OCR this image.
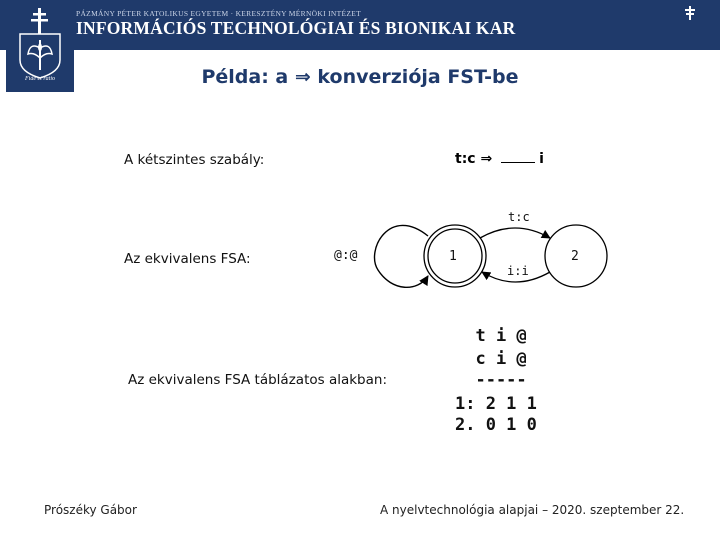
PÁZMÁNY PÉTER KATOLIKUS EGYETEM · KERESZTÉNY MÉRNÖKI INTÉZET
INFORMÁCIÓS TECHNOLÓGIAI ÉS BIONIKAI KAR
Fide et ratio	Példa: a ⇒ konverziója FST-be
A kétszintes szabály:	t:c ⇒	i
Az ekvivalens FSA:	@:@	1	2
t:c
i:i
Az ekvivalens FSA táblázatos alakban:
t i @
c i @
-----
1: 2 1 1
2. 0 1 0
Prószéky Gábor	A nyelvtechnológia alapjai – 2020. szeptember 22.
